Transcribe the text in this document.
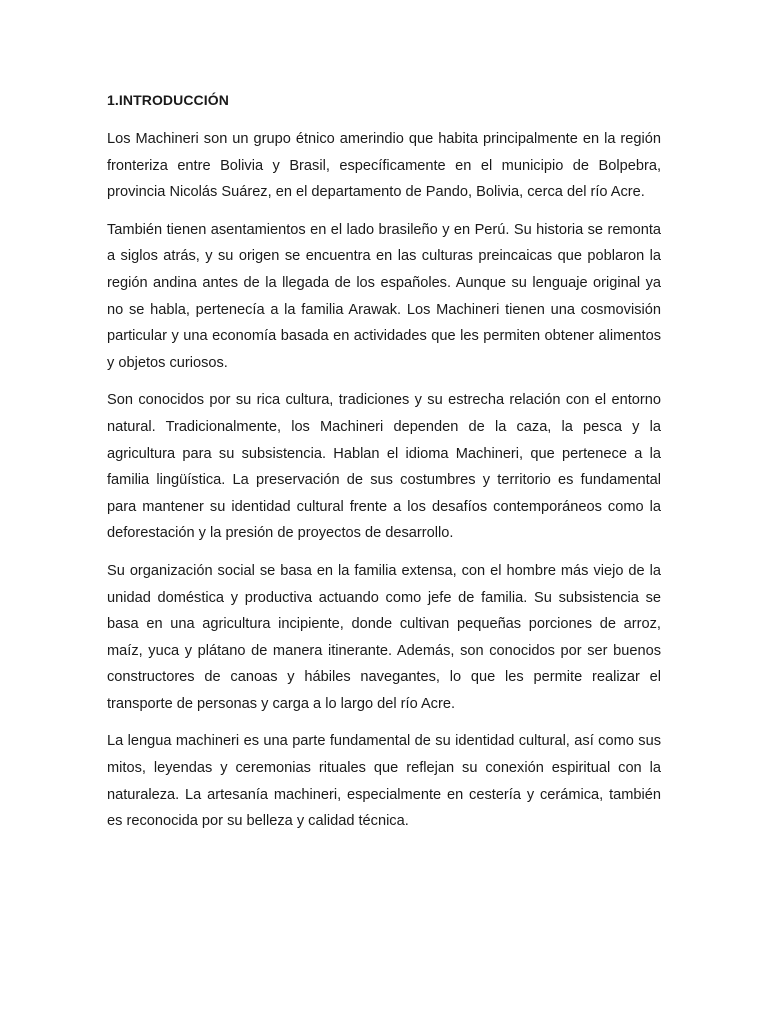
1.INTRODUCCIÓN

Los Machineri son un grupo étnico amerindio que habita principalmente en la región fronteriza entre Bolivia y Brasil, específicamente en el municipio de Bolpebra, provincia Nicolás Suárez, en el departamento de Pando, Bolivia, cerca del río Acre.

También tienen asentamientos en el lado brasileño y en Perú. Su historia se remonta a siglos atrás, y su origen se encuentra en las culturas preincaicas que poblaron la región andina antes de la llegada de los españoles. Aunque su lenguaje original ya no se habla, pertenecía a la familia Arawak. Los Machineri tienen una cosmovisión particular y una economía basada en actividades que les permiten obtener alimentos y objetos curiosos.

Son conocidos por su rica cultura, tradiciones y su estrecha relación con el entorno natural. Tradicionalmente, los Machineri dependen de la caza, la pesca y la agricultura para su subsistencia. Hablan el idioma Machineri, que pertenece a la familia lingüística. La preservación de sus costumbres y territorio es fundamental para mantener su identidad cultural frente a los desafíos contemporáneos como la deforestación y la presión de proyectos de desarrollo.

Su organización social se basa en la familia extensa, con el hombre más viejo de la unidad doméstica y productiva actuando como jefe de familia. Su subsistencia se basa en una agricultura incipiente, donde cultivan pequeñas porciones de arroz, maíz, yuca y plátano de manera itinerante. Además, son conocidos por ser buenos constructores de canoas y hábiles navegantes, lo que les permite realizar el transporte de personas y carga a lo largo del río Acre.

La lengua machineri es una parte fundamental de su identidad cultural, así como sus mitos, leyendas y ceremonias rituales que reflejan su conexión espiritual con la naturaleza. La artesanía machineri, especialmente en cestería y cerámica, también es reconocida por su belleza y calidad técnica.
